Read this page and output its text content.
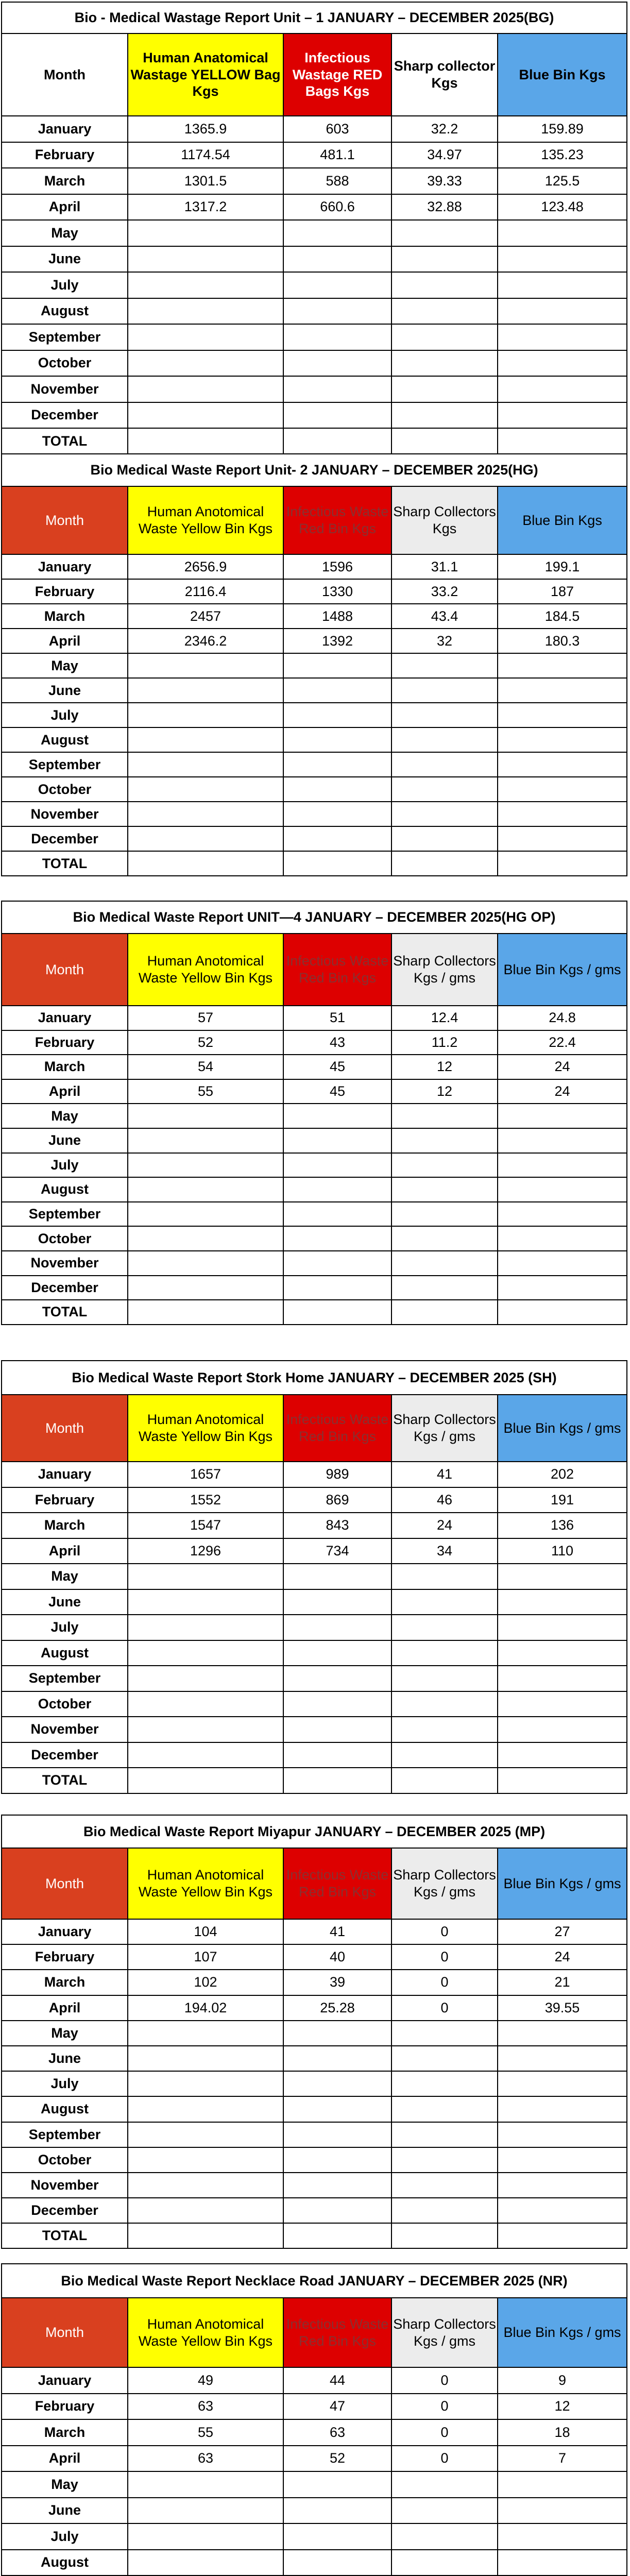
Bio - Medical Wastage Report Unit – 1 JANUARY – DECEMBER 2025(BG)				
Month	Human Anatomical Wastage YELLOW Bag Kgs	Infectious Wastage RED Bags Kgs	Sharp collector Kgs	Blue Bin Kgs
January	1365.9	603	32.2	159.89
February	1174.54	481.1	34.97	135.23
March	1301.5	588	39.33	125.5
April	1317.2	660.6	32.88	123.48
May				
June				
July				
August				
September				
October				
November				
December				
TOTAL				
Bio Medical Waste Report Unit- 2 JANUARY – DECEMBER 2025(HG)				
Month	Human Anotomical Waste Yellow Bin Kgs	Infectious Waste Red Bin Kgs	Sharp Collectors Kgs	Blue Bin Kgs
January	2656.9	1596	31.1	199.1
February	2116.4	1330	33.2	187
March	2457	1488	43.4	184.5
April	2346.2	1392	32	180.3
May				
June				
July				
August				
September				
October				
November				
December				
TOTAL				
Bio Medical Waste Report UNIT—4 JANUARY – DECEMBER 2025(HG OP)				
Month	Human Anotomical Waste Yellow Bin Kgs	Infectious Waste Red Bin Kgs	Sharp Collectors Kgs / gms	Blue Bin Kgs / gms
January	57	51	12.4	24.8
February	52	43	11.2	22.4
March	54	45	12	24
April	55	45	12	24
May				
June				
July				
August				
September				
October				
November				
December				
TOTAL				
Bio Medical Waste Report Stork Home JANUARY – DECEMBER 2025 (SH)				
Month	Human Anotomical Waste Yellow Bin Kgs	Infectious Waste Red Bin Kgs	Sharp Collectors Kgs / gms	Blue Bin Kgs / gms
January	1657	989	41	202
February	1552	869	46	191
March	1547	843	24	136
April	1296	734	34	110
May				
June				
July				
August				
September				
October				
November				
December				
TOTAL				
Bio Medical Waste Report Miyapur JANUARY – DECEMBER 2025 (MP)				
Month	Human Anotomical Waste Yellow Bin Kgs	Infectious Waste Red Bin Kgs	Sharp Collectors Kgs / gms	Blue Bin Kgs / gms
January	104	41	0	27
February	107	40	0	24
March	102	39	0	21
April	194.02	25.28	0	39.55
May				
June				
July				
August				
September				
October				
November				
December				
TOTAL				
Bio Medical Waste Report Necklace Road JANUARY – DECEMBER 2025 (NR)				
Month	Human Anotomical Waste Yellow Bin Kgs	Infectious Waste Red Bin Kgs	Sharp Collectors Kgs / gms	Blue Bin Kgs / gms
January	49	44	0	9
February	63	47	0	12
March	55	63	0	18
April	63	52	0	7
May				
June				
July				
August				
